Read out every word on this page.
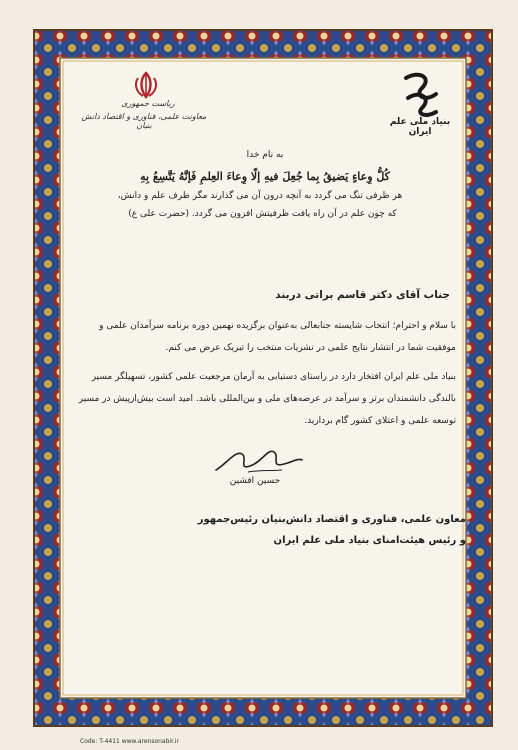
بنیاد ملی علم ایران
ریاست جمهوری
معاونت علمی، فناوری و اقتصاد دانش بنیان
به نام خدا
كُلُّ وِعاءٍ يَضيقُ بِما جُعِلَ فيهِ إلّا وِعاءَ العِلمِ فَإنَّهُ يَتَّسِعُ بِهِ
هر ظرفی تنگ می گردد به آنچه درون آن می گذارند مگر ظرف علم و دانش،
که چون علم در آن راه یافت ظرفیتش افزون می گردد. (حضرت علی ع)
جناب آقای دکتر قاسم براتی دربند
با سلام و احترام؛ انتخاب شایسته جنابعالی به‌عنوان برگزیده نهمین دوره برنامه سرآمدان علمی و موفقیت شما در انتشار نتایج علمی در نشریات منتخب را تبریک عرض می کنم.
بنیاد ملی علم ایران افتخار دارد در راستای دستیابی به آرمان مرجعیت علمی کشور، تسهیلگر مسیر بالندگی دانشمندان برتر و سرآمد در عرصه‌های ملی و بین‌المللی باشد. امید است بیش‌ازپیش در مسیر توسعه علمی و اعتلای کشور گام بردارید.
حسین افشین
معاون علمی، فناوری و اقتصاد دانش‌بنیان رئیس‌جمهور
و رئیس هیئت‌امنای بنیاد ملی علم ایران
Code: T-4411 www.arensonabir.ir
